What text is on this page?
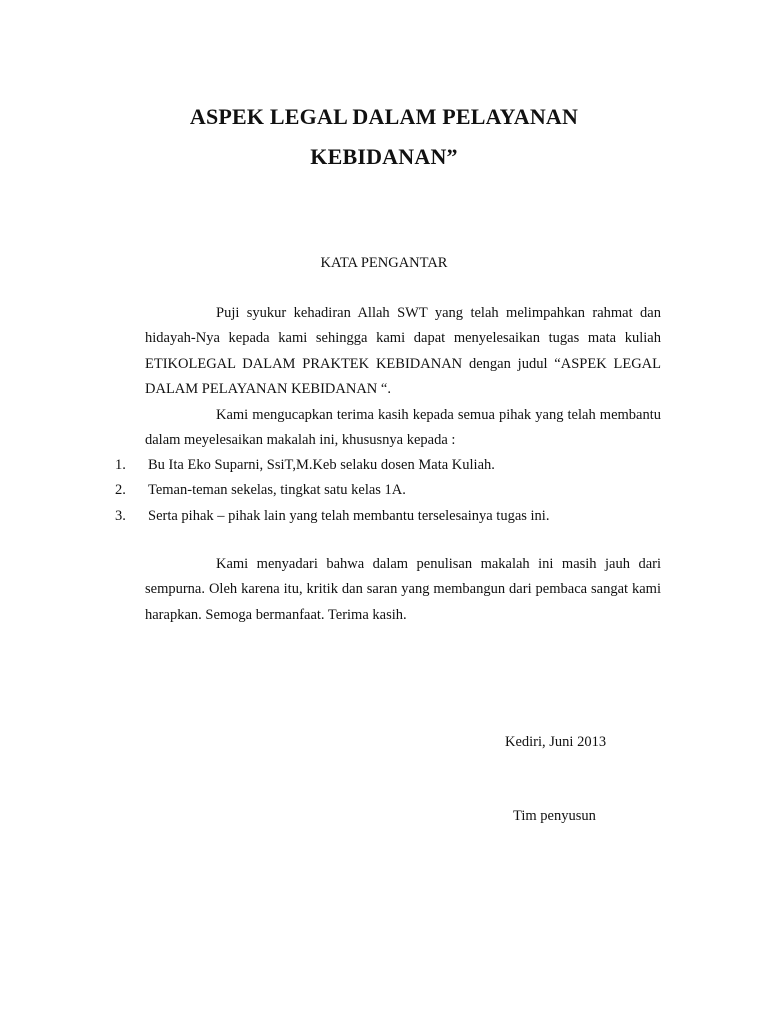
ASPEK LEGAL DALAM PELAYANAN
KEBIDANAN”
KATA PENGANTAR

Puji syukur kehadiran Allah SWT yang telah melimpahkan rahmat dan hidayah-Nya kepada kami sehingga kami dapat menyelesaikan tugas mata kuliah ETIKOLEGAL DALAM PRAKTEK KEBIDANAN dengan judul “ASPEK LEGAL DALAM PELAYANAN KEBIDANAN “.

Kami mengucapkan terima kasih kepada semua pihak yang telah membantu dalam meyelesaikan makalah ini, khususnya kepada :

1. Bu Ita Eko Suparni, SsiT,M.Keb selaku dosen Mata Kuliah.
2. Teman-teman sekelas, tingkat satu kelas 1A.
3. Serta pihak – pihak lain yang telah membantu terselesainya tugas ini.

Kami menyadari bahwa dalam penulisan makalah ini masih jauh dari sempurna. Oleh karena itu, kritik dan saran yang membangun dari pembaca sangat kami harapkan. Semoga bermanfaat. Terima kasih.

Kediri, Juni 2013
Tim penyusun
